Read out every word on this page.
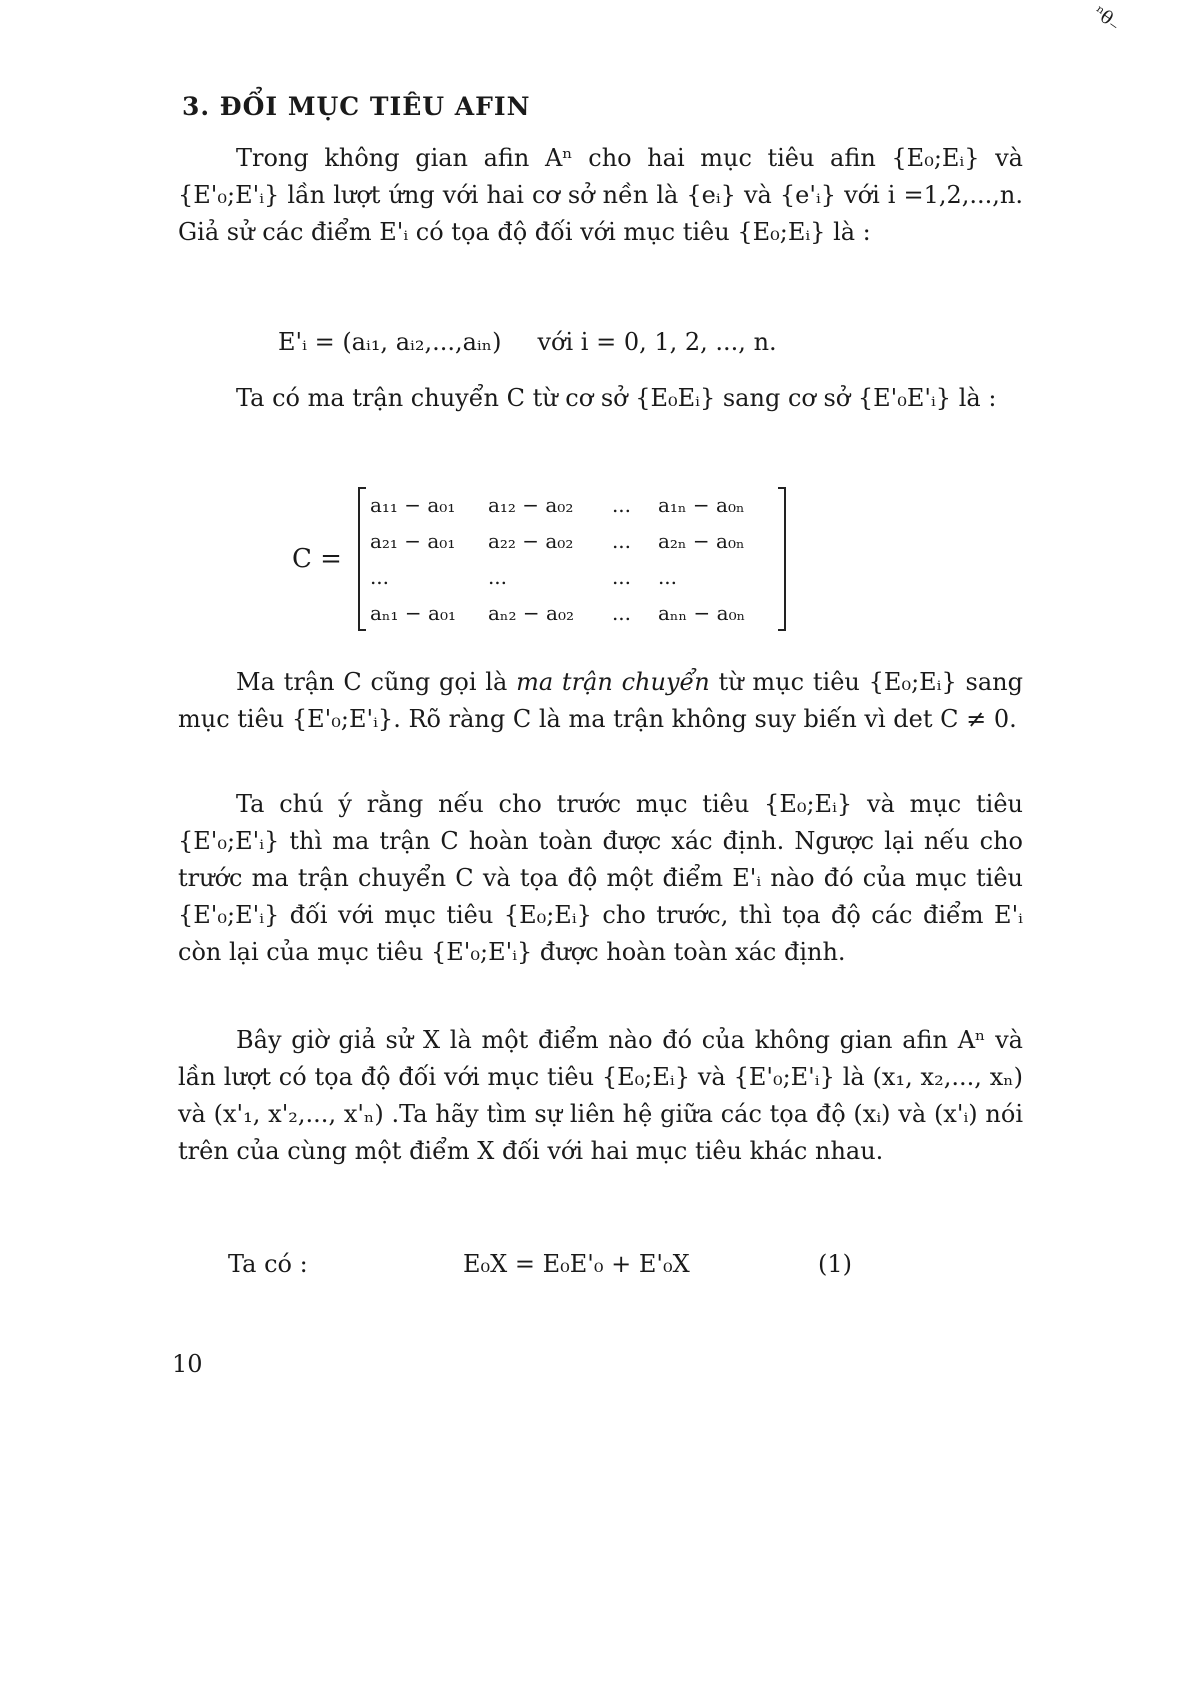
ⁿθ₋
3. ĐỔI MỤC TIÊU AFIN

Trong không gian afin Aⁿ cho hai mục tiêu afin {E₀;Eᵢ} và {E'₀;E'ᵢ} lần lượt ứng với hai cơ sở nền là {eᵢ} và {e'ᵢ} với i =1,2,...,n. Giả sử các điểm E'ᵢ có tọa độ đối với mục tiêu {E₀;Eᵢ} là :

E'ᵢ = (aᵢ₁, aᵢ₂,...,aᵢₙ) với i = 0, 1, 2, ..., n.

Ta có ma trận chuyển C từ cơ sở {E₀Eᵢ} sang cơ sở {E'₀E'ᵢ} là :

C =
a₁₁ − a₀₁	a₁₂ − a₀₂	...	a₁ₙ − a₀ₙ
a₂₁ − a₀₁	a₂₂ − a₀₂	...	a₂ₙ − a₀ₙ
...	...	...	...
aₙ₁ − a₀₁	aₙ₂ − a₀₂	...	aₙₙ − a₀ₙ

Ma trận C cũng gọi là ma trận chuyển từ mục tiêu {E₀;Eᵢ} sang mục tiêu {E'₀;E'ᵢ}. Rõ ràng C là ma trận không suy biến vì det C ≠ 0.

Ta chú ý rằng nếu cho trước mục tiêu {E₀;Eᵢ} và mục tiêu {E'₀;E'ᵢ} thì ma trận C hoàn toàn được xác định. Ngược lại nếu cho trước ma trận chuyển C và tọa độ một điểm E'ᵢ nào đó của mục tiêu {E'₀;E'ᵢ} đối với mục tiêu {E₀;Eᵢ} cho trước, thì tọa độ các điểm E'ᵢ còn lại của mục tiêu {E'₀;E'ᵢ} được hoàn toàn xác định.

Bây giờ giả sử X là một điểm nào đó của không gian afin Aⁿ và lần lượt có tọa độ đối với mục tiêu {E₀;Eᵢ} và {E'₀;E'ᵢ} là (x₁, x₂,..., xₙ) và (x'₁, x'₂,..., x'ₙ) .Ta hãy tìm sự liên hệ giữa các tọa độ (xᵢ) và (x'ᵢ) nói trên của cùng một điểm X đối với hai mục tiêu khác nhau.

Ta có :	E₀X = E₀E'₀ + E'₀X	(1)

10
